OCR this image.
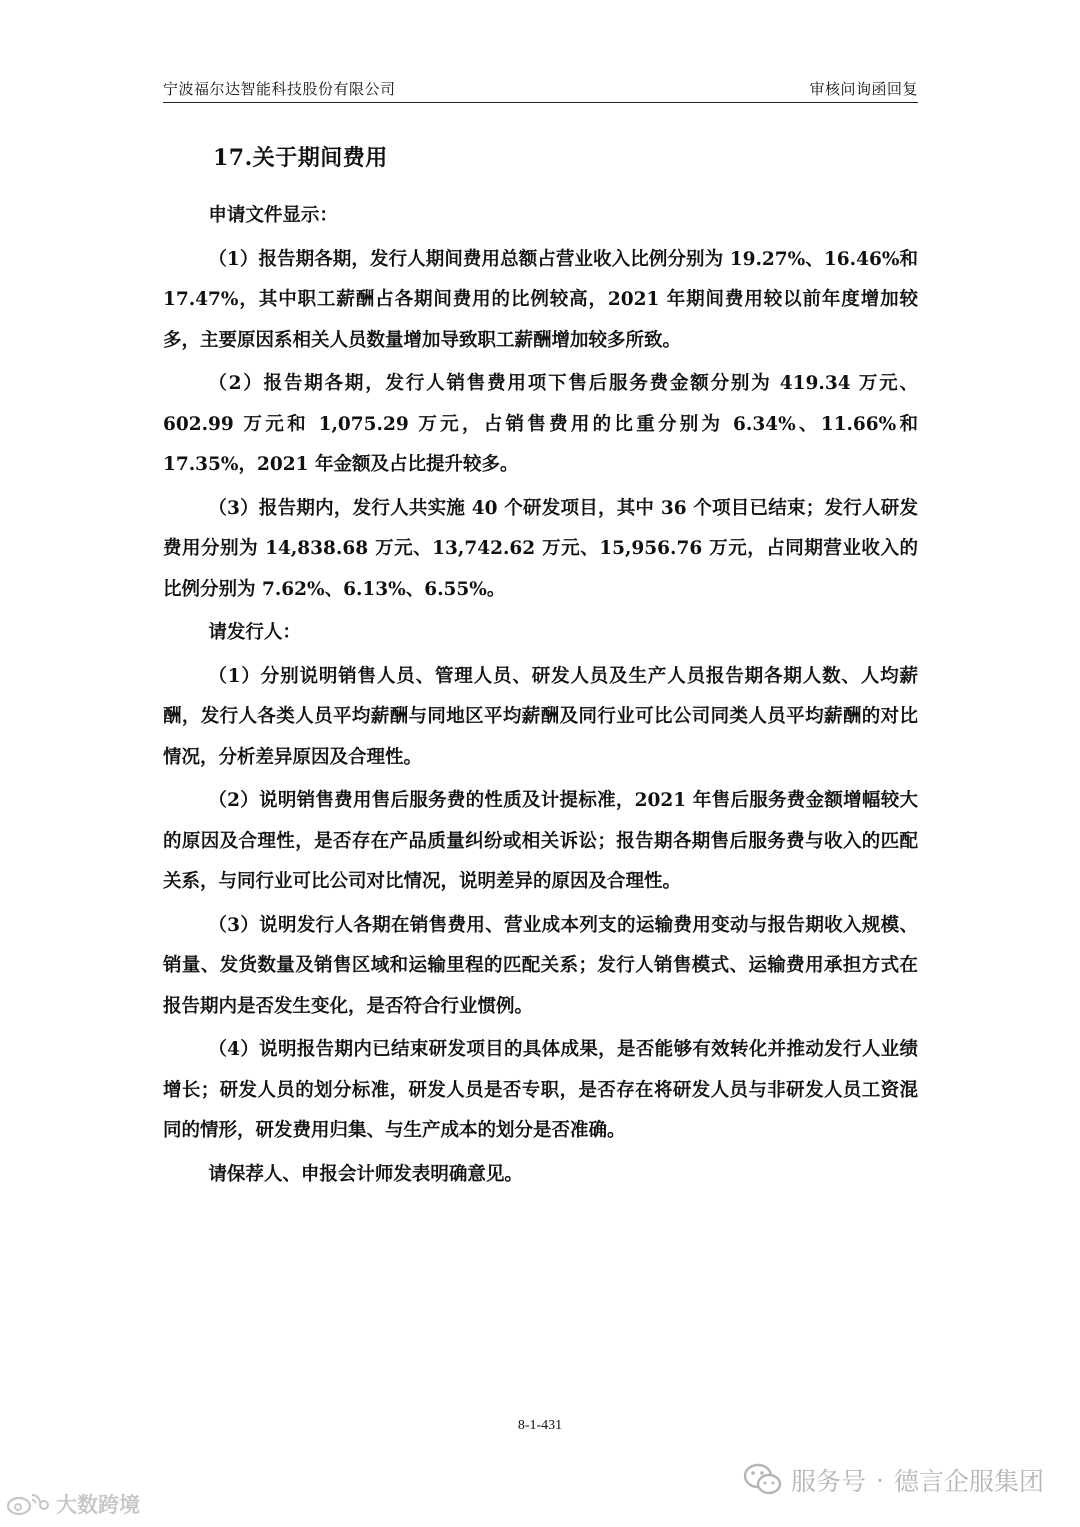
宁波福尔达智能科技股份有限公司	审核问询函回复
17.关于期间费用

申请文件显示：

（1）报告期各期，发行人期间费用总额占营业收入比例分别为 19.27%、16.46%和 17.47%，其中职工薪酬占各期间费用的比例较高，2021 年期间费用较以前年度增加较多，主要原因系相关人员数量增加导致职工薪酬增加较多所致。

（2）报告期各期，发行人销售费用项下售后服务费金额分别为 419.34 万元、602.99 万元和 1,075.29 万元，占销售费用的比重分别为 6.34%、11.66%和17.35%，2021 年金额及占比提升较多。

（3）报告期内，发行人共实施 40 个研发项目，其中 36 个项目已结束；发行人研发费用分别为 14,838.68 万元、13,742.62 万元、15,956.76 万元，占同期营业收入的比例分别为 7.62%、6.13%、6.55%。

请发行人：

（1）分别说明销售人员、管理人员、研发人员及生产人员报告期各期人数、人均薪酬，发行人各类人员平均薪酬与同地区平均薪酬及同行业可比公司同类人员平均薪酬的对比情况，分析差异原因及合理性。

（2）说明销售费用售后服务费的性质及计提标准，2021 年售后服务费金额增幅较大的原因及合理性，是否存在产品质量纠纷或相关诉讼；报告期各期售后服务费与收入的匹配关系，与同行业可比公司对比情况，说明差异的原因及合理性。

（3）说明发行人各期在销售费用、营业成本列支的运输费用变动与报告期收入规模、销量、发货数量及销售区域和运输里程的匹配关系；发行人销售模式、运输费用承担方式在报告期内是否发生变化，是否符合行业惯例。

（4）说明报告期内已结束研发项目的具体成果，是否能够有效转化并推动发行人业绩增长；研发人员的划分标准，研发人员是否专职，是否存在将研发人员与非研发人员工资混同的情形，研发费用归集、与生产成本的划分是否准确。

请保荐人、申报会计师发表明确意见。

8-1-431
服务号 · 德言企服集团
大数跨境
